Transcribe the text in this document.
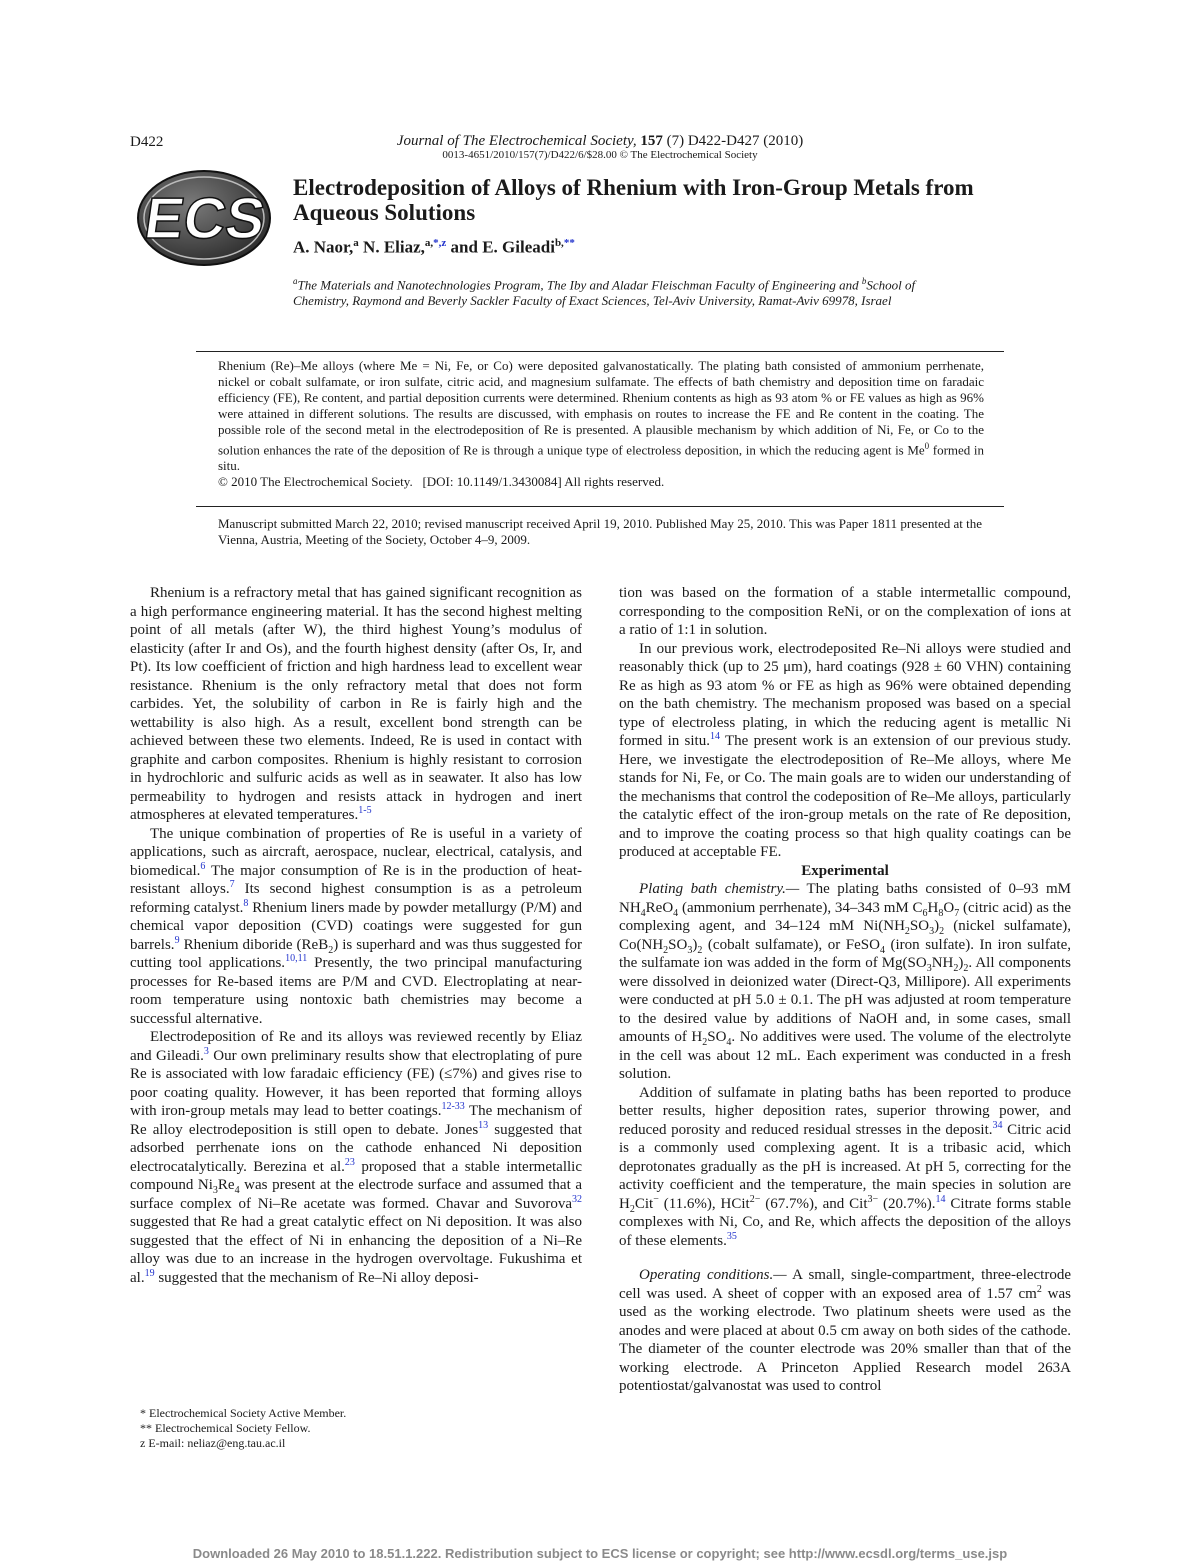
D422	Journal of The Electrochemical Society, 157 (7) D422-D427 (2010)
0013-4651/2010/157(7)/D422/6/$28.00 © The Electrochemical Society
ECS Electrodeposition of Alloys of Rhenium with Iron-Group Metals from Aqueous Solutions
A. Naor,$^a$ N. Eliaz,$^{a,*,z}$ and E. Gileadi$^{b,**}$
$^a$The Materials and Nanotechnologies Program, The Iby and Aladar Fleischman Faculty of Engineering and $^b$School of Chemistry, Raymond and Beverly Sackler Faculty of Exact Sciences, Tel-Aviv University, Ramat-Aviv 69978, Israel
Rhenium (Re)–Me alloys (where Me = Ni, Fe, or Co) were deposited galvanostatically. The plating bath consisted of ammonium perrhenate, nickel or cobalt sulfamate, or iron sulfate, citric acid, and magnesium sulfamate. The effects of bath chemistry and deposition time on faradaic efficiency (FE), Re content, and partial deposition currents were determined. Rhenium contents as high as 93 atom % or FE values as high as 96% were attained in different solutions. The results are discussed, with emphasis on routes to increase the FE and Re content in the coating. The possible role of the second metal in the electrodeposition of Re is presented. A plausible mechanism by which addition of Ni, Fe, or Co to the solution enhances the rate of the deposition of Re is through a unique type of electroless deposition, in which the reducing agent is Me$^0$ formed in situ.
© 2010 The Electrochemical Society.   [DOI: 10.1149/1.3430084] All rights reserved.
Manuscript submitted March 22, 2010; revised manuscript received April 19, 2010. Published May 25, 2010. This was Paper 1811 presented at the Vienna, Austria, Meeting of the Society, October 4–9, 2009.

Rhenium is a refractory metal that has gained significant recognition as a high performance engineering material. It has the second highest melting point of all metals (after W), the third highest Young’s modulus of elasticity (after Ir and Os), and the fourth highest density (after Os, Ir, and Pt). Its low coefficient of friction and high hardness lead to excellent wear resistance. Rhenium is the only refractory metal that does not form carbides. Yet, the solubility of carbon in Re is fairly high and the wettability is also high. As a result, excellent bond strength can be achieved between these two elements. Indeed, Re is used in contact with graphite and carbon composites. Rhenium is highly resistant to corrosion in hydrochloric and sulfuric acids as well as in seawater. It also has low permeability to hydrogen and resists attack in hydrogen and inert atmospheres at elevated temperatures.$^{1-5}$

The unique combination of properties of Re is useful in a variety of applications, such as aircraft, aerospace, nuclear, electrical, catalysis, and biomedical.$^6$ The major consumption of Re is in the production of heat-resistant alloys.$^7$ Its second highest consumption is as a petroleum reforming catalyst.$^8$ Rhenium liners made by powder metallurgy (P/M) and chemical vapor deposition (CVD) coatings were suggested for gun barrels.$^9$ Rhenium diboride (ReB$_2$) is superhard and was thus suggested for cutting tool applications.$^{10,11}$ Presently, the two principal manufacturing processes for Re-based items are P/M and CVD. Electroplating at near-room temperature using nontoxic bath chemistries may become a successful alternative.

Electrodeposition of Re and its alloys was reviewed recently by Eliaz and Gileadi.$^3$ Our own preliminary results show that electroplating of pure Re is associated with low faradaic efficiency (FE) (≤7%) and gives rise to poor coating quality. However, it has been reported that forming alloys with iron-group metals may lead to better coatings.$^{12-33}$ The mechanism of Re alloy electrodeposition is still open to debate. Jones$^{13}$ suggested that adsorbed perrhenate ions on the cathode enhanced Ni deposition electrocatalytically. Berezina et al.$^{23}$ proposed that a stable intermetallic compound $Ni_3Re_4$ was present at the electrode surface and assumed that a surface complex of Ni–Re acetate was formed. Chavar and Suvorova$^{32}$ suggested that Re had a great catalytic effect on Ni deposition. It was also suggested that the effect of Ni in enhancing the deposition of a Ni–Re alloy was due to an increase in the hydrogen overvoltage. Fukushima et al.$^{19}$ suggested that the mechanism of Re–Ni alloy deposi-

tion was based on the formation of a stable intermetallic compound, corresponding to the composition ReNi, or on the complexation of ions at a ratio of 1:1 in solution.

In our previous work, electrodeposited Re–Ni alloys were studied and reasonably thick (up to 25 μm), hard coatings (928 ± 60 VHN) containing Re as high as 93 atom % or FE as high as 96% were obtained depending on the bath chemistry. The mechanism proposed was based on a special type of electroless plating, in which the reducing agent is metallic Ni formed in situ.$^{14}$ The present work is an extension of our previous study. Here, we investigate the electrodeposition of Re–Me alloys, where Me stands for Ni, Fe, or Co. The main goals are to widen our understanding of the mechanisms that control the codeposition of Re–Me alloys, particularly the catalytic effect of the iron-group metals on the rate of Re deposition, and to improve the coating process so that high quality coatings can be produced at acceptable FE.

Experimental

Plating bath chemistry.— The plating baths consisted of 0–93 mM $NH_4ReO_4$ (ammonium perrhenate), 34–343 mM $C_6H_8O_7$ (citric acid) as the complexing agent, and 34–124 mM $Ni(NH_2SO_3)_2$ (nickel sulfamate), $Co(NH_2SO_3)_2$ (cobalt sulfamate), or FeSO$_4$ (iron sulfate). In iron sulfate, the sulfamate ion was added in the form of $Mg(SO_3NH_2)_2$. All components were dissolved in deionized water (Direct-Q3, Millipore). All experiments were conducted at pH 5.0 ± 0.1. The pH was adjusted at room temperature to the desired value by additions of NaOH and, in some cases, small amounts of $H_2SO_4$. No additives were used. The volume of the electrolyte in the cell was about 12 mL. Each experiment was conducted in a fresh solution.

Addition of sulfamate in plating baths has been reported to produce better results, higher deposition rates, superior throwing power, and reduced porosity and reduced residual stresses in the deposit.$^{34}$ Citric acid is a commonly used complexing agent. It is a tribasic acid, which deprotonates gradually as the pH is increased. At pH 5, correcting for the activity coefficient and the temperature, the main species in solution are $H_2Cit^-$ (11.6%), HCit$^{2-}$ (67.7%), and Cit$^{3-}$ (20.7%).$^{14}$ Citrate forms stable complexes with Ni, Co, and Re, which affects the deposition of the alloys of these elements.$^{35}$

Operating conditions.— A small, single-compartment, three-electrode cell was used. A sheet of copper with an exposed area of 1.57 $cm^2$ was used as the working electrode. Two platinum sheets were used as the anodes and were placed at about 0.5 cm away on both sides of the cathode. The diameter of the counter electrode was 20% smaller than that of the working electrode. A Princeton Applied Research model 263A potentiostat/galvanostat was used to control

* Electrochemical Society Active Member.
** Electrochemical Society Fellow.
z E-mail: neliaz@eng.tau.ac.il
Downloaded 26 May 2010 to 18.51.1.222. Redistribution subject to ECS license or copyright; see http://www.ecsdl.org/terms_use.jsp
